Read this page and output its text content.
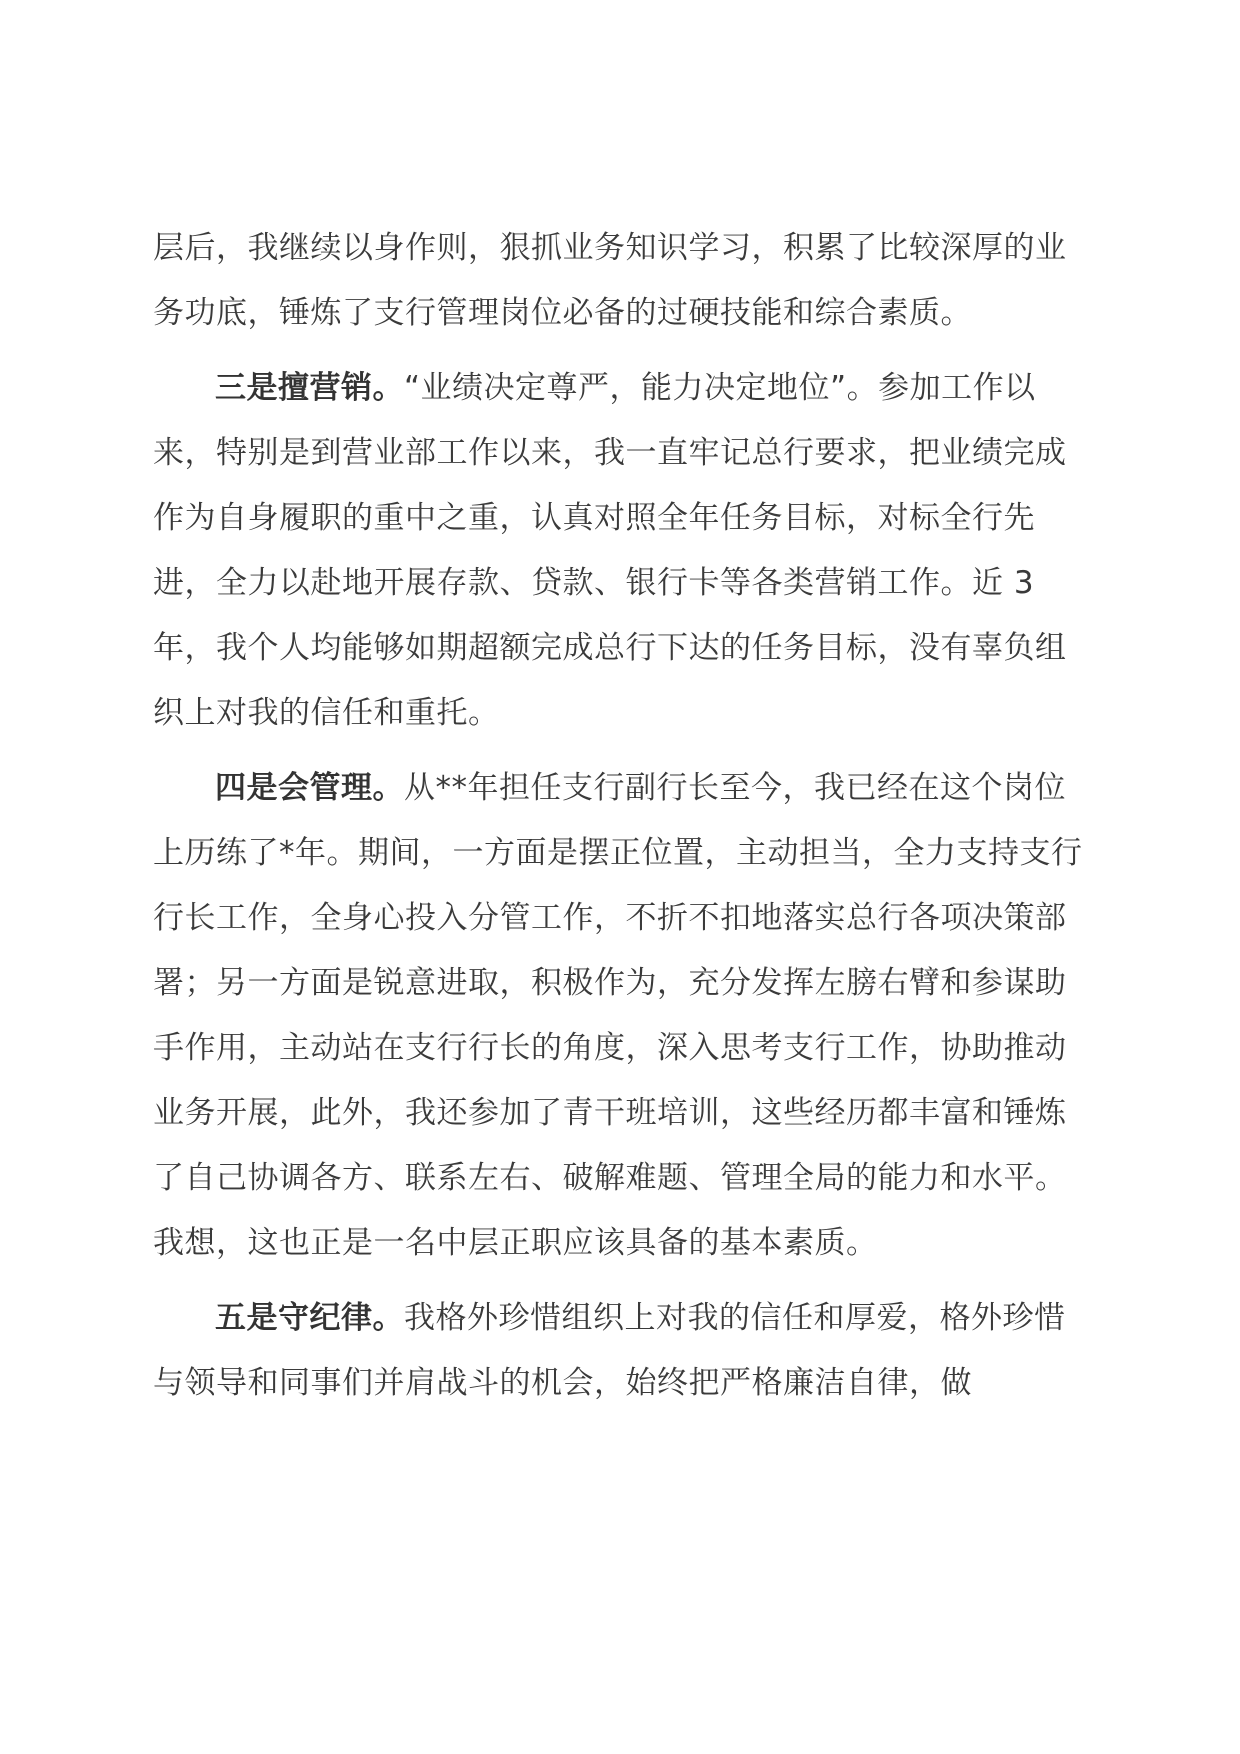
层后，我继续以身作则，狠抓业务知识学习，积累了比较深厚的业务功底，锤炼了支行管理岗位必备的过硬技能和综合素质。

三是擅营销。“业绩决定尊严，能力决定地位”。参加工作以来，特别是到营业部工作以来，我一直牢记总行要求，把业绩完成作为自身履职的重中之重，认真对照全年任务目标，对标全行先进，全力以赴地开展存款、贷款、银行卡等各类营销工作。近 3 年，我个人均能够如期超额完成总行下达的任务目标，没有辜负组织上对我的信任和重托。

四是会管理。从**年担任支行副行长至今，我已经在这个岗位上历练了*年。期间，一方面是摆正位置，主动担当，全力支持支行行长工作，全身心投入分管工作，不折不扣地落实总行各项决策部署；另一方面是锐意进取，积极作为，充分发挥左膀右臂和参谋助手作用，主动站在支行行长的角度，深入思考支行工作，协助推动业务开展，此外，我还参加了青干班培训，这些经历都丰富和锤炼了自己协调各方、联系左右、破解难题、管理全局的能力和水平。我想，这也正是一名中层正职应该具备的基本素质。

五是守纪律。我格外珍惜组织上对我的信任和厚爱，格外珍惜与领导和同事们并肩战斗的机会，始终把严格廉洁自律，做
